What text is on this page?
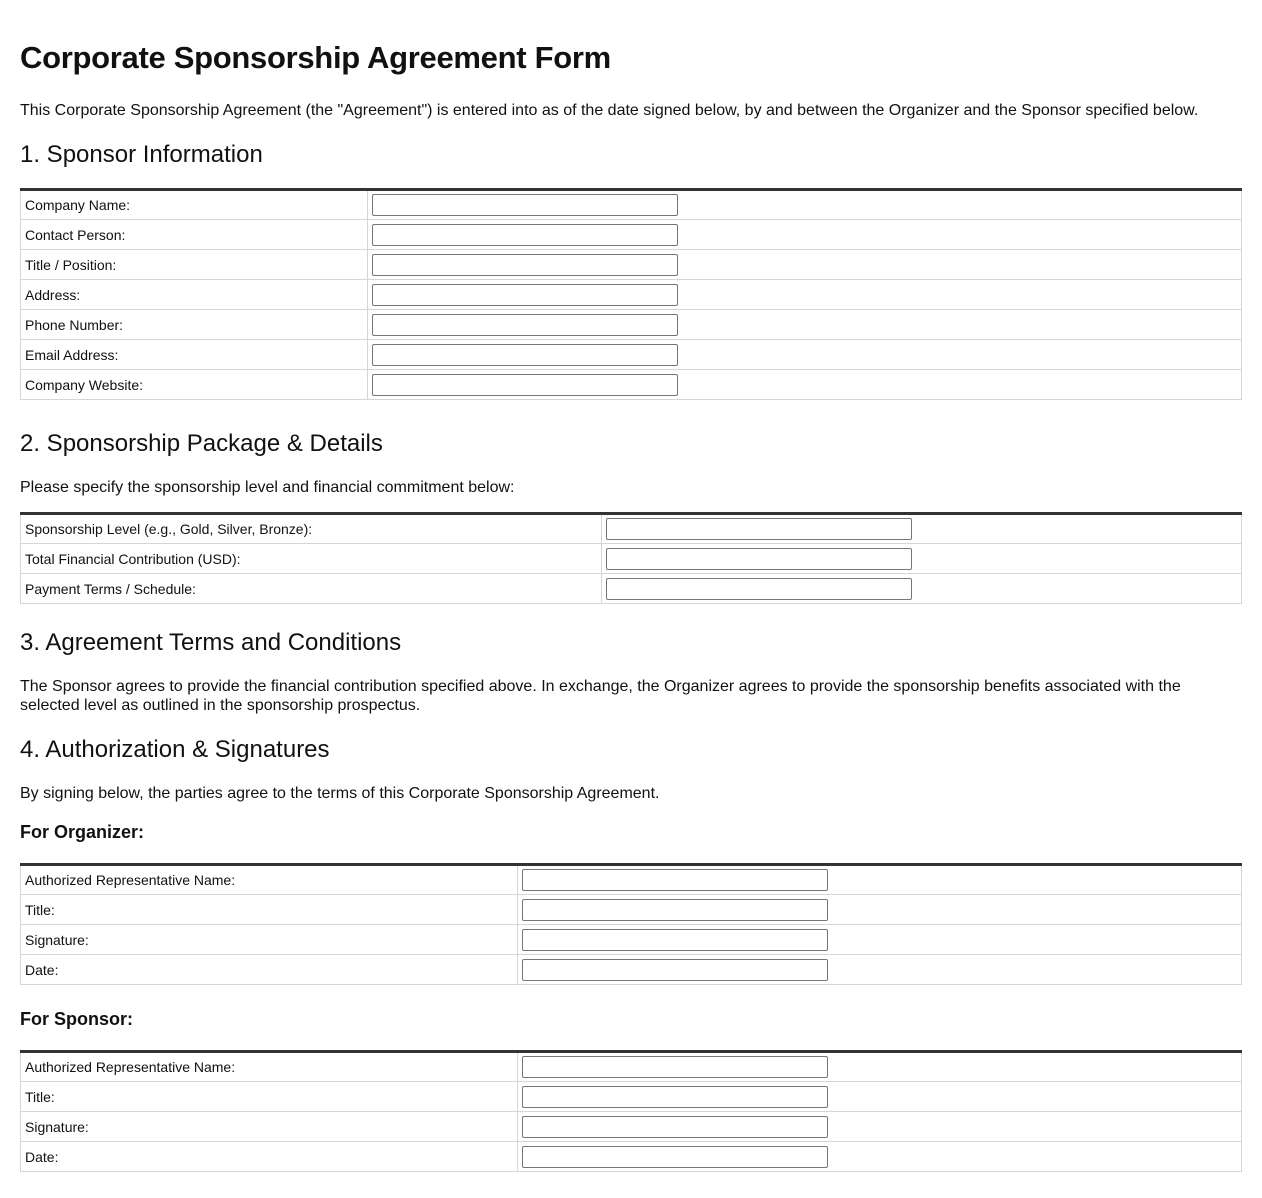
Corporate Sponsorship Agreement Form

This Corporate Sponsorship Agreement (the "Agreement") is entered into as of the date signed below, by and between the Organizer and the Sponsor specified below.

1. Sponsor Information
Company Name:	

Contact Person:	

Title / Position:	

Address:	

Phone Number:	

Email Address:	

Company Website:	
2. Sponsorship Package & Details

Please specify the sponsorship level and financial commitment below:

Sponsorship Level (e.g., Gold, Silver, Bronze):	

Total Financial Contribution (USD):	

Payment Terms / Schedule:	
3. Agreement Terms and Conditions

The Sponsor agrees to provide the financial contribution specified above. In exchange, the Organizer agrees to provide the sponsorship benefits associated with the selected level as outlined in the sponsorship prospectus.

4. Authorization & Signatures

By signing below, the parties agree to the terms of this Corporate Sponsorship Agreement.

For Organizer:
Authorized Representative Name:	

Title:	

Signature:	

Date:	
For Sponsor:
Authorized Representative Name:	

Title:	

Signature:	

Date:	
